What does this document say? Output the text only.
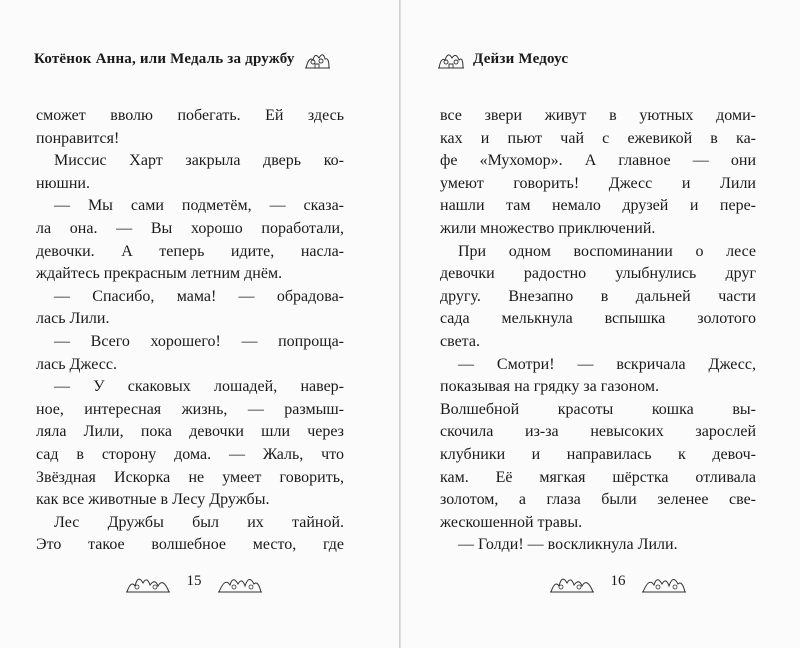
Котёнок Анна, или Медаль за дружбу
сможет вволю побегать. Ей здесь
понравится!
Миссис Харт закрыла дверь ко-
нюшни.
— Мы сами подметём, — сказа-
ла она. — Вы хорошо поработали,
девочки. А теперь идите, насла-
ждайтесь прекрасным летним днём.
— Спасибо, мама! — обрадова-
лась Лили.
— Всего хорошего! — попроща-
лась Джесс.
— У скаковых лошадей, навер-
ное, интересная жизнь, — размыш-
ляла Лили, пока девочки шли через
сад в сторону дома. — Жаль, что
Звёздная Искорка не умеет говорить,
как все животные в Лесу Дружбы.
Лес Дружбы был их тайной.
Это такое волшебное место, где
15
Дейзи Медоус
все звери живут в уютных доми-
ках и пьют чай с ежевикой в ка-
фе «Мухомор». А главное — они
умеют говорить! Джесс и Лили
нашли там немало друзей и пере-
жили множество приключений.
При одном воспоминании о лесе
девочки радостно улыбнулись друг
другу. Внезапно в дальней части
сада мелькнула вспышка золотого
света.
— Смотри! — вскричала Джесс,
показывая на грядку за газоном.
Волшебной красоты кошка вы-
скочила из-за невысоких зарослей
клубники и направилась к девоч-
кам. Её мягкая шёрстка отливала
золотом, а глаза были зеленее све-
жескошенной травы.
— Голди! — воскликнула Лили.
16
